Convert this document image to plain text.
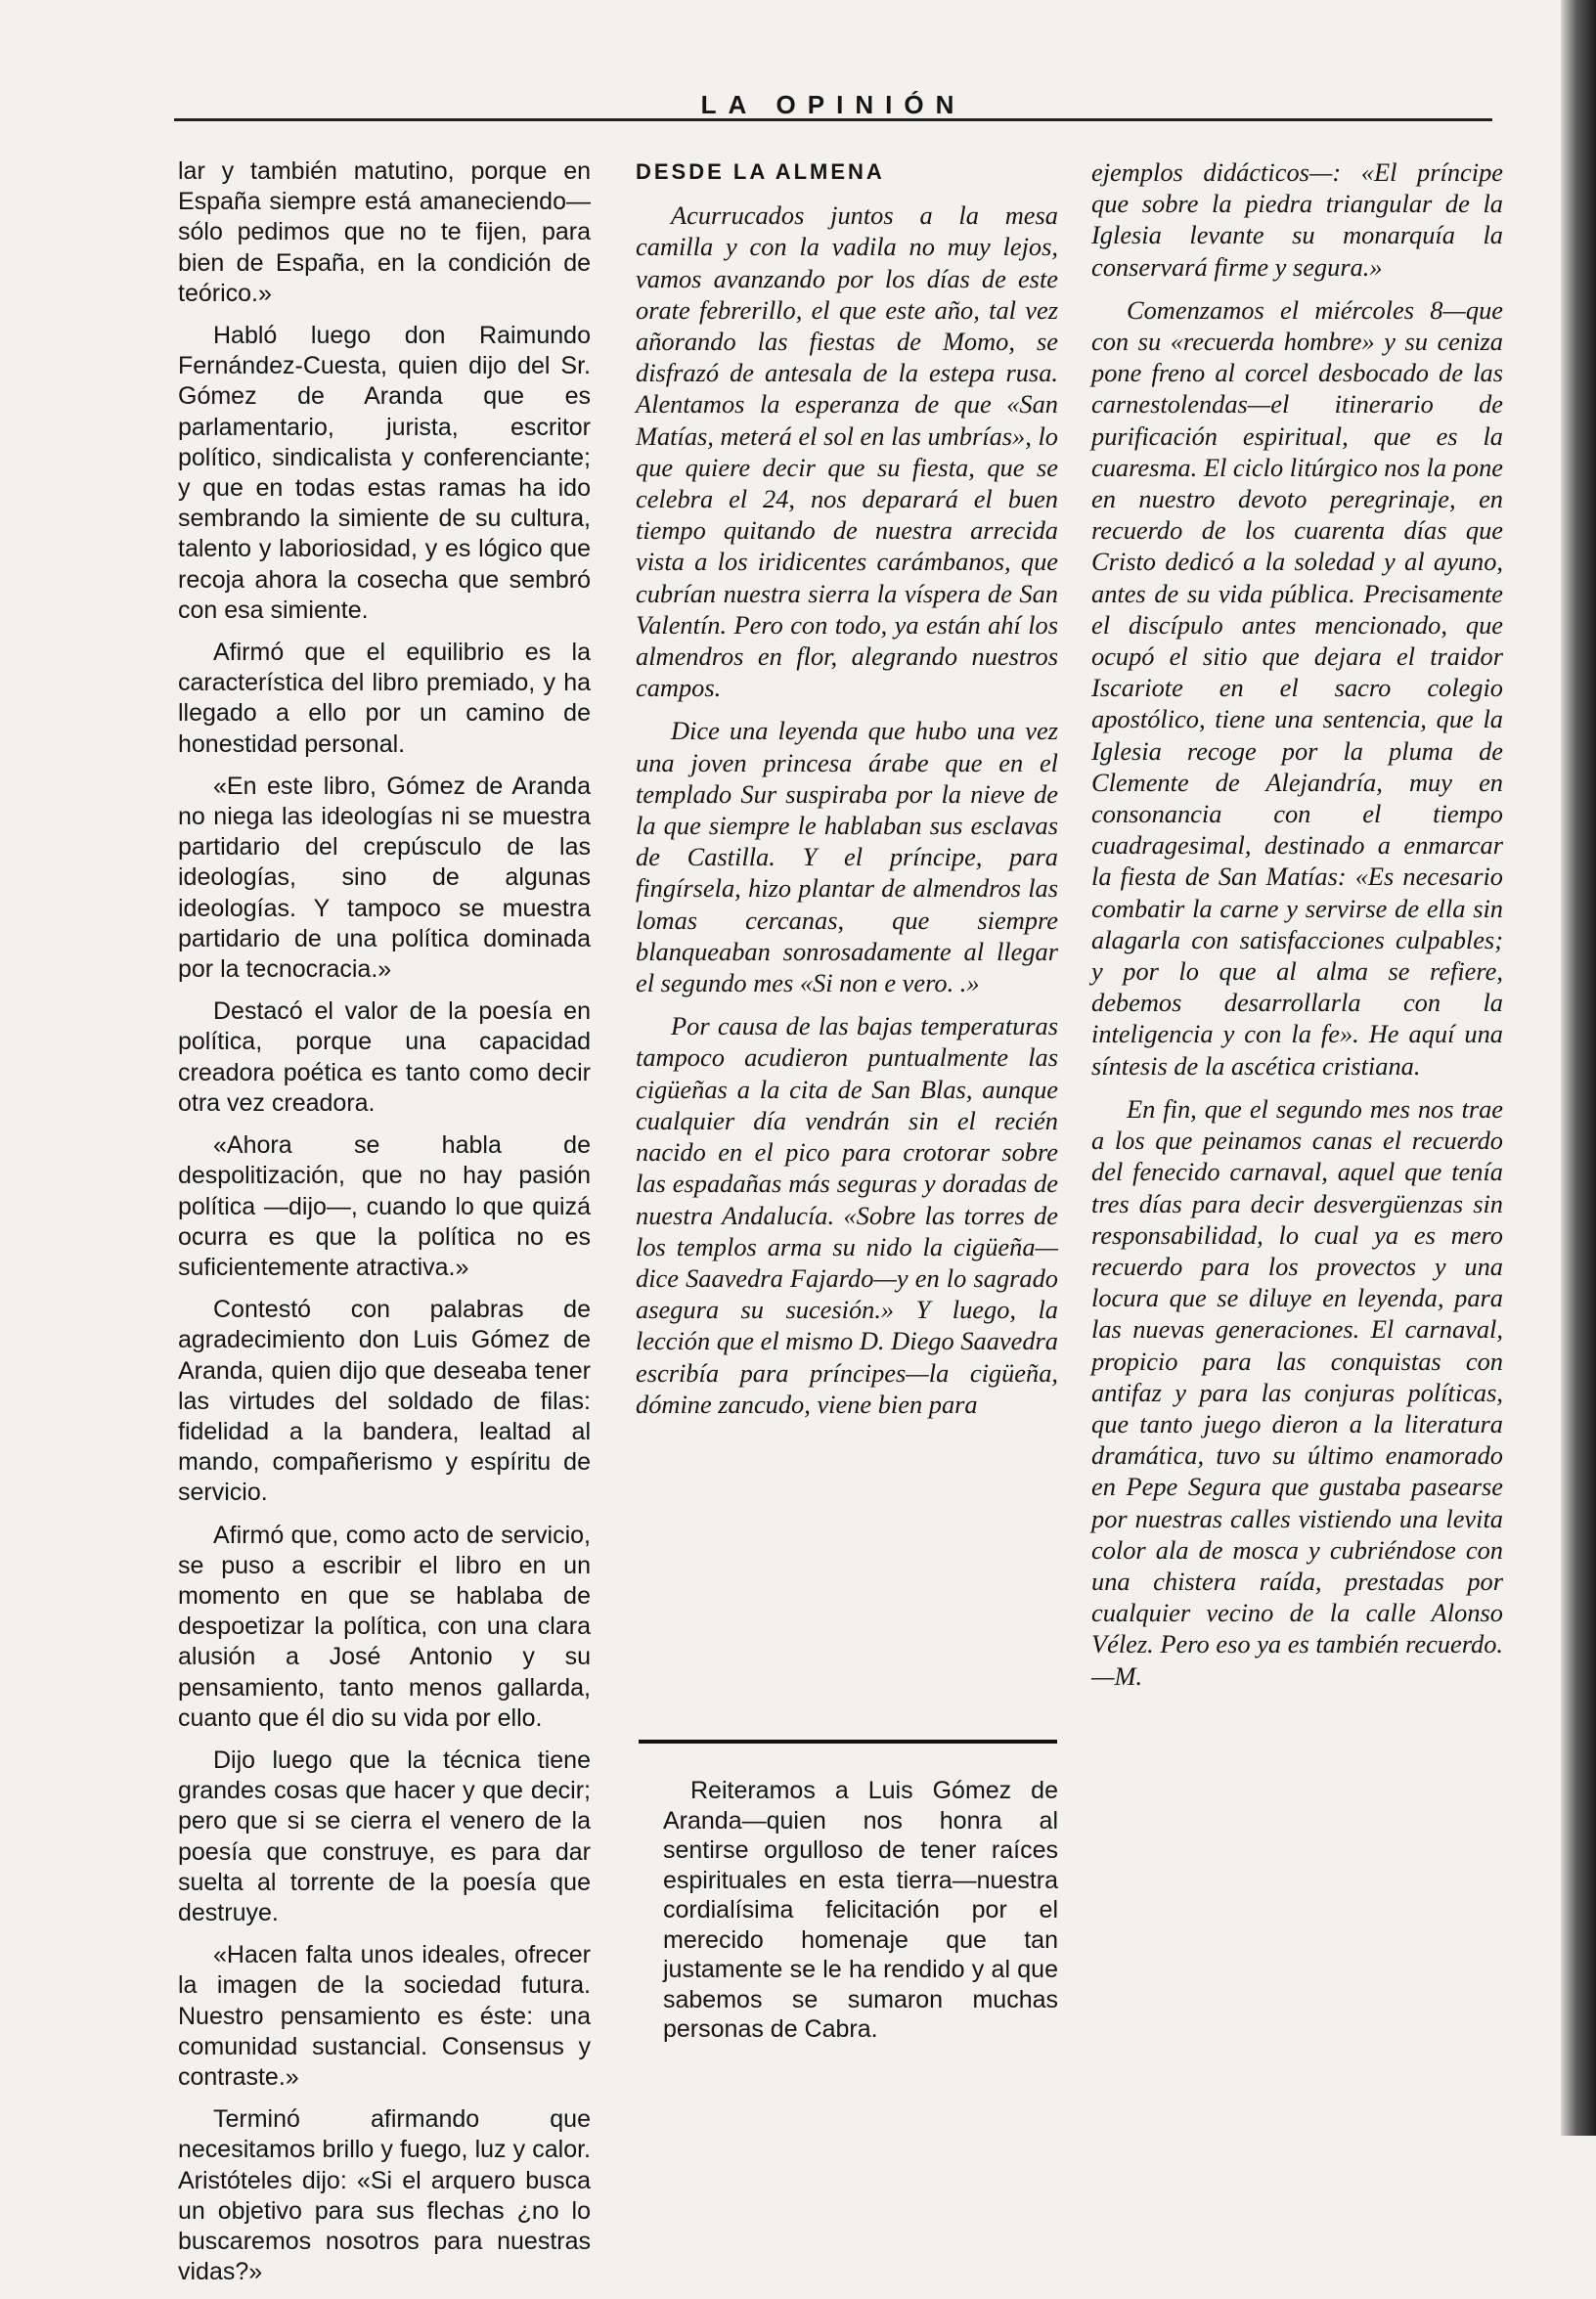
LA OPINIÓN

lar y también matutino, porque en España siempre está amaneciendo—sólo pedimos que no te fijen, para bien de España, en la condición de teórico.»

Habló luego don Raimundo Fernández-Cuesta, quien dijo del Sr. Gómez de Aranda que es parlamentario, jurista, escritor político, sindicalista y conferenciante; y que en todas estas ramas ha ido sembrando la simiente de su cultura, talento y laboriosidad, y es lógico que recoja ahora la cosecha que sembró con esa simiente.

Afirmó que el equilibrio es la característica del libro premiado, y ha llegado a ello por un camino de honestidad personal.

«En este libro, Gómez de Aranda no niega las ideologías ni se muestra partidario del crepúsculo de las ideologías, sino de algunas ideologías. Y tampoco se muestra partidario de una política dominada por la tecnocracia.»

Destacó el valor de la poesía en política, porque una capacidad creadora poética es tanto como decir otra vez creadora.

«Ahora se habla de despolitización, que no hay pasión política —dijo—, cuando lo que quizá ocurra es que la política no es suficientemente atractiva.»

Contestó con palabras de agradecimiento don Luis Gómez de Aranda, quien dijo que deseaba tener las virtudes del soldado de filas: fidelidad a la bandera, lealtad al mando, compañerismo y espíritu de servicio.

Afirmó que, como acto de servicio, se puso a escribir el libro en un momento en que se hablaba de despoetizar la política, con una clara alusión a José Antonio y su pensamiento, tanto menos gallarda, cuanto que él dio su vida por ello.

Dijo luego que la técnica tiene grandes cosas que hacer y que decir; pero que si se cierra el venero de la poesía que construye, es para dar suelta al torrente de la poesía que destruye.

«Hacen falta unos ideales, ofrecer la imagen de la sociedad futura. Nuestro pensamiento es éste: una comunidad sustancial. Consensus y contraste.»

Terminó afirmando que necesitamos brillo y fuego, luz y calor. Aristóteles dijo: «Si el arquero busca un objetivo para sus flechas ¿no lo buscaremos nosotros para nuestras vidas?»

DESDE LA ALMENA

Acurrucados juntos a la mesa camilla y con la vadila no muy lejos, vamos avanzando por los días de este orate febrerillo, el que este año, tal vez añorando las fiestas de Momo, se disfrazó de antesala de la estepa rusa. Alentamos la esperanza de que «San Matías, meterá el sol en las umbrías», lo que quiere decir que su fiesta, que se celebra el 24, nos deparará el buen tiempo quitando de nuestra arrecida vista a los iridicentes carámbanos, que cubrían nuestra sierra la víspera de San Valentín. Pero con todo, ya están ahí los almendros en flor, alegrando nuestros campos.

Dice una leyenda que hubo una vez una joven princesa árabe que en el templado Sur suspiraba por la nieve de la que siempre le hablaban sus esclavas de Castilla. Y el príncipe, para fingírsela, hizo plantar de almendros las lomas cercanas, que siempre blanqueaban sonrosadamente al llegar el segundo mes «Si non e vero. .»

Por causa de las bajas temperaturas tampoco acudieron puntualmente las cigüeñas a la cita de San Blas, aunque cualquier día vendrán sin el recién nacido en el pico para crotorar sobre las espadañas más seguras y doradas de nuestra Andalucía. «Sobre las torres de los templos arma su nido la cigüeña—dice Saavedra Fajardo—y en lo sagrado asegura su sucesión.» Y luego, la lección que el mismo D. Diego Saavedra escribía para príncipes—la cigüeña, dómine zancudo, viene bien para

Reiteramos a Luis Gómez de Aranda—quien nos honra al sentirse orgulloso de tener raíces espirituales en esta tierra—nuestra cordialísima felicitación por el merecido homenaje que tan justamente se le ha rendido y al que sabemos se sumaron muchas personas de Cabra.

ejemplos didácticos—: «El príncipe que sobre la piedra triangular de la Iglesia levante su monarquía la conservará firme y segura.»

Comenzamos el miércoles 8—que con su «recuerda hombre» y su ceniza pone freno al corcel desbocado de las carnestolendas—el itinerario de purificación espiritual, que es la cuaresma. El ciclo litúrgico nos la pone en nuestro devoto peregrinaje, en recuerdo de los cuarenta días que Cristo dedicó a la soledad y al ayuno, antes de su vida pública. Precisamente el discípulo antes mencionado, que ocupó el sitio que dejara el traidor Iscariote en el sacro colegio apostólico, tiene una sentencia, que la Iglesia recoge por la pluma de Clemente de Alejandría, muy en consonancia con el tiempo cuadragesimal, destinado a enmarcar la fiesta de San Matías: «Es necesario combatir la carne y servirse de ella sin alagarla con satisfacciones culpables; y por lo que al alma se refiere, debemos desarrollarla con la inteligencia y con la fe». He aquí una síntesis de la ascética cristiana.

En fin, que el segundo mes nos trae a los que peinamos canas el recuerdo del fenecido carnaval, aquel que tenía tres días para decir desvergüenzas sin responsabilidad, lo cual ya es mero recuerdo para los provectos y una locura que se diluye en leyenda, para las nuevas generaciones. El carnaval, propicio para las conquistas con antifaz y para las conjuras políticas, que tanto juego dieron a la literatura dramática, tuvo su último enamorado en Pepe Segura que gustaba pasearse por nuestras calles vistiendo una levita color ala de mosca y cubriéndose con una chistera raída, prestadas por cualquier vecino de la calle Alonso Vélez. Pero eso ya es también recuerdo.—M.
